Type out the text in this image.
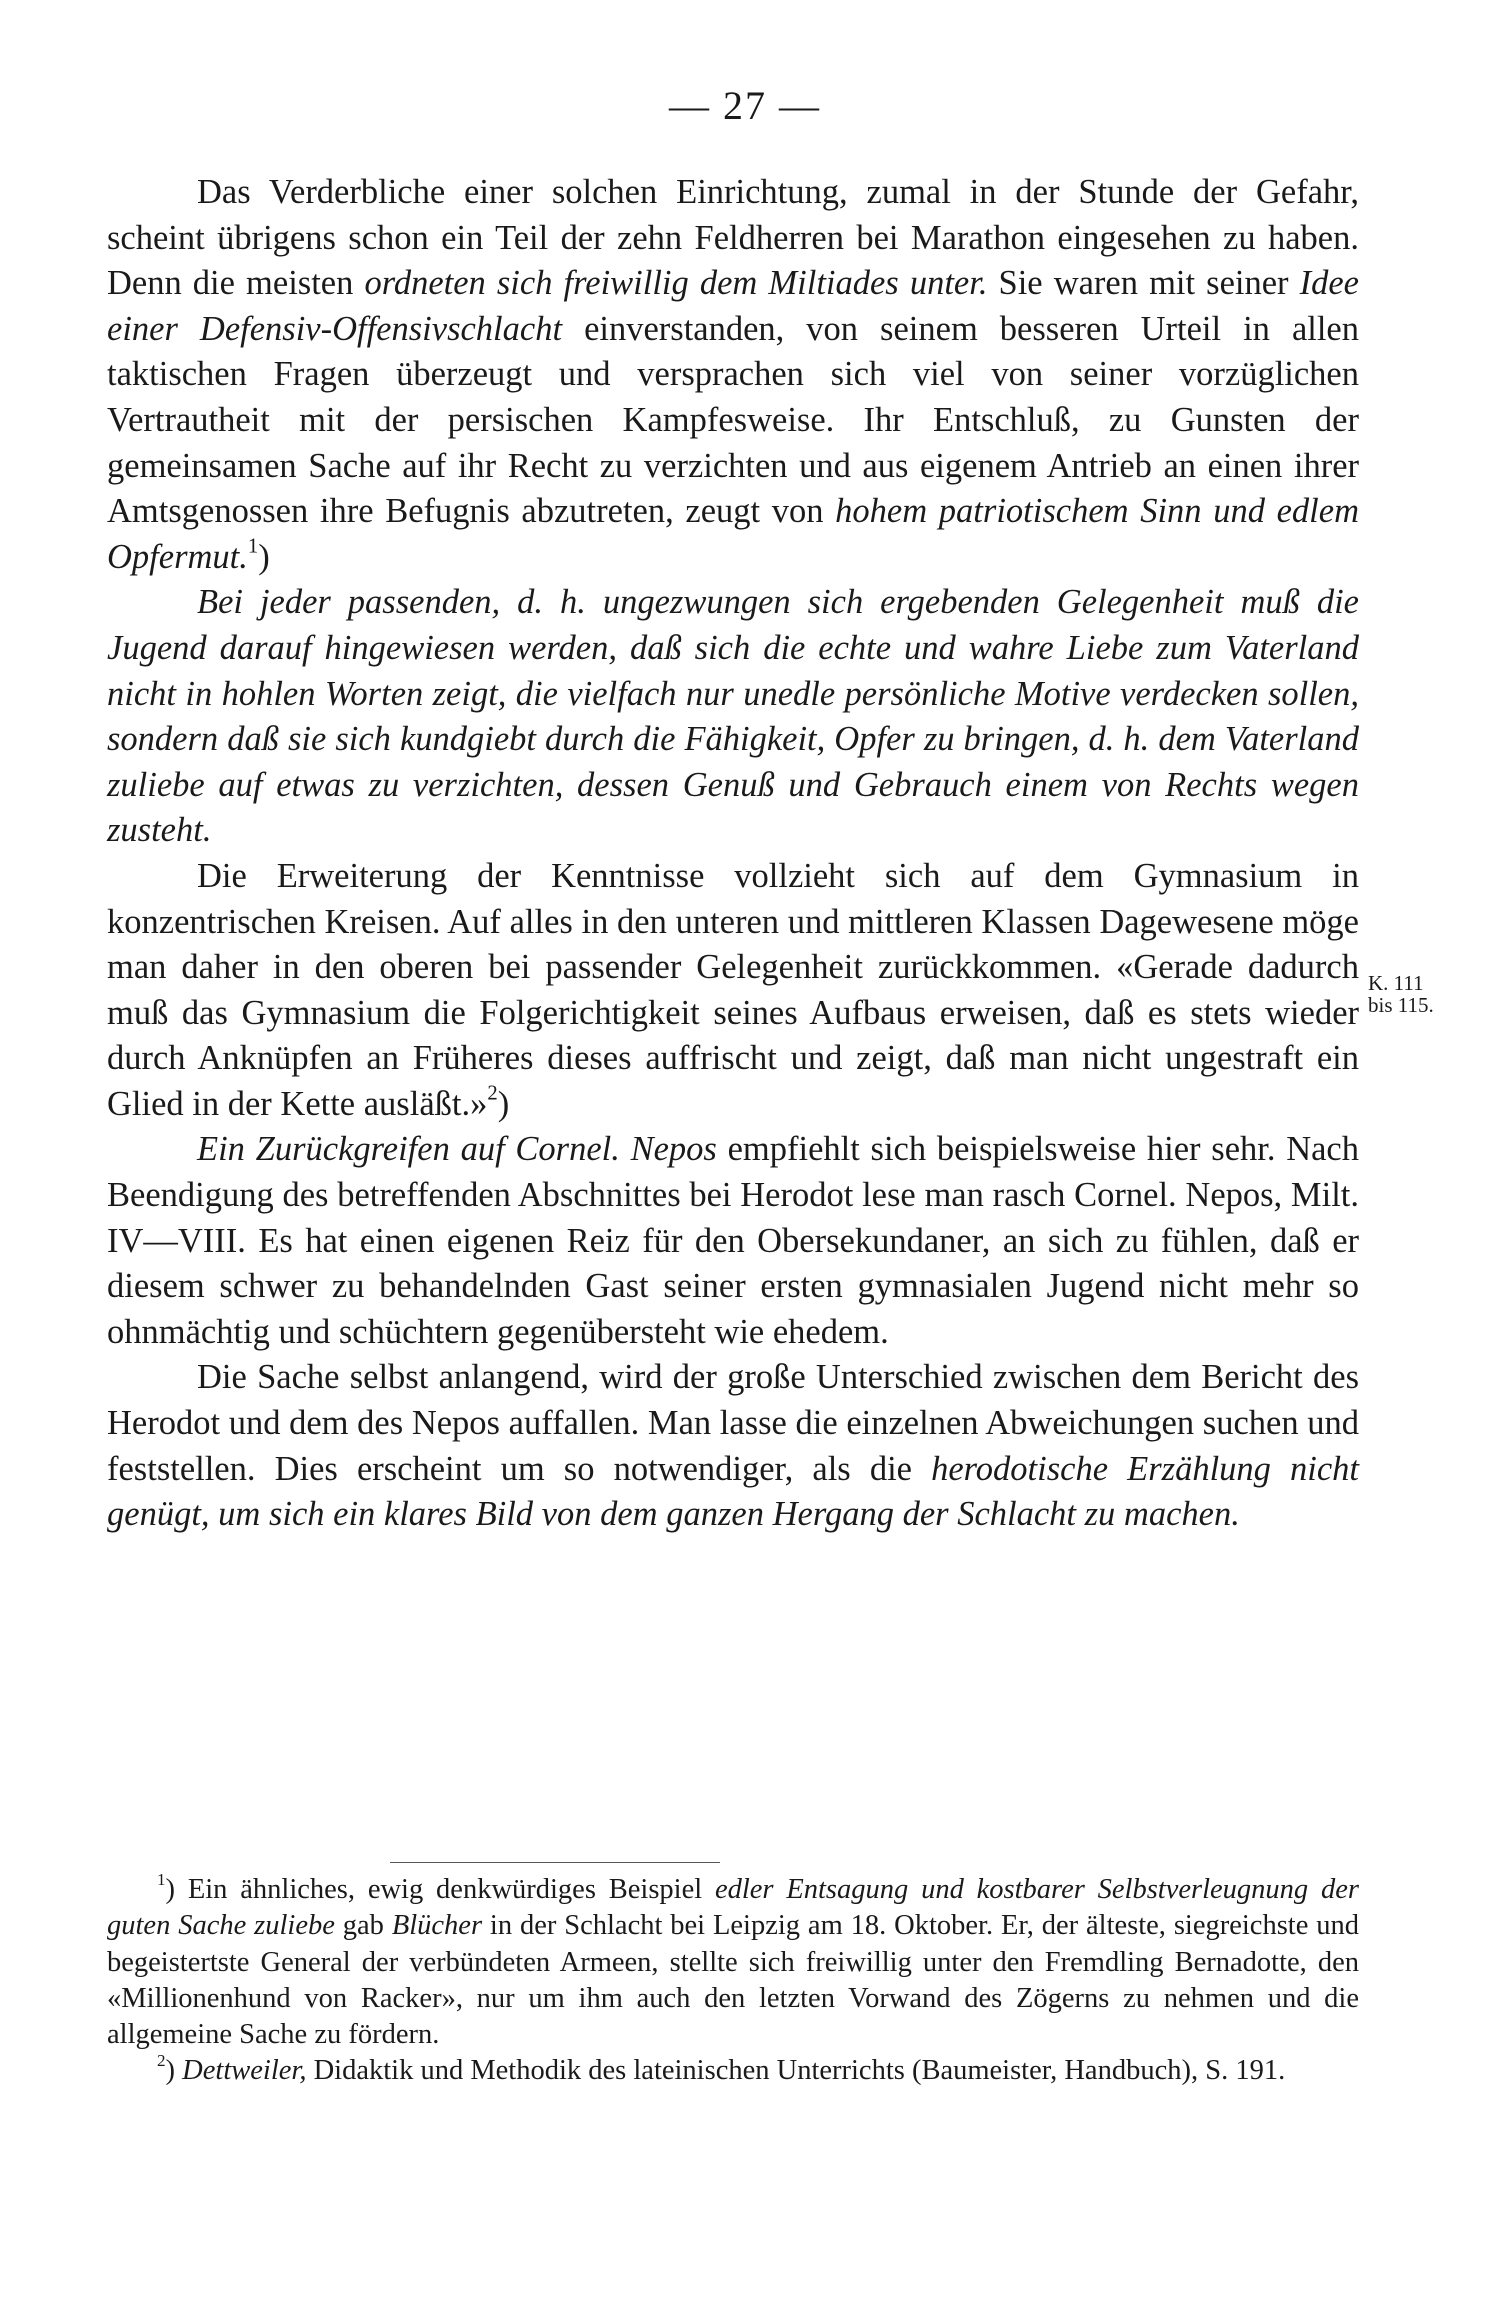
— 27 —

Das Verderbliche einer solchen Einrichtung, zumal in der Stunde der Gefahr, scheint übrigens schon ein Teil der zehn Feldherren bei Marathon eingesehen zu haben. Denn die meisten ordneten sich freiwillig dem Miltiades unter. Sie waren mit seiner Idee einer Defensiv-Offensivschlacht einverstanden, von seinem besseren Urteil in allen taktischen Fragen überzeugt und versprachen sich viel von seiner vorzüglichen Vertrautheit mit der persischen Kampfesweise. Ihr Entschluß, zu Gunsten der gemeinsamen Sache auf ihr Recht zu verzichten und aus eigenem Antrieb an einen ihrer Amtsgenossen ihre Befugnis abzutreten, zeugt von hohem patriotischem Sinn und edlem Opfermut.$^1$)

Bei jeder passenden, d. h. ungezwungen sich ergebenden Gelegenheit muß die Jugend darauf hingewiesen werden, daß sich die echte und wahre Liebe zum Vaterland nicht in hohlen Worten zeigt, die vielfach nur unedle persönliche Motive verdecken sollen, sondern daß sie sich kundgiebt durch die Fähigkeit, Opfer zu bringen, d. h. dem Vaterland zuliebe auf etwas zu verzichten, dessen Genuß und Gebrauch einem von Rechts wegen zusteht.

Die Erweiterung der Kenntnisse vollzieht sich auf dem Gymnasium in konzentrischen Kreisen. Auf alles in den unteren und mittleren Klassen Dagewesene möge man daher in den oberen bei passender Gelegenheit zurückkommen. «Gerade dadurch muß das Gymnasium die Folgerichtigkeit seines Aufbaus erweisen, daß es stets wieder durch Anknüpfen an Früheres dieses auffrischt und zeigt, daß man nicht ungestraft ein Glied in der Kette ausläßt.»$^2$)

Ein Zurückgreifen auf Cornel. Nepos empfiehlt sich beispielsweise hier sehr. Nach Beendigung des betreffenden Abschnittes bei Herodot lese man rasch Cornel. Nepos, Milt. IV—VIII. Es hat einen eigenen Reiz für den Obersekundaner, an sich zu fühlen, daß er diesem schwer zu behandelnden Gast seiner ersten gymnasialen Jugend nicht mehr so ohnmächtig und schüchtern gegenübersteht wie ehedem.

Die Sache selbst anlangend, wird der große Unterschied zwischen dem Bericht des Herodot und dem des Nepos auffallen. Man lasse die einzelnen Abweichungen suchen und feststellen. Dies erscheint um so notwendiger, als die herodotische Erzählung nicht genügt, um sich ein klares Bild von dem ganzen Hergang der Schlacht zu machen.

K. 111
bis 115.

$^1$) Ein ähnliches, ewig denkwürdiges Beispiel edler Entsagung und kostbarer Selbstverleugnung der guten Sache zuliebe gab Blücher in der Schlacht bei Leipzig am 18. Oktober. Er, der älteste, siegreichste und begeistertste General der verbündeten Armeen, stellte sich freiwillig unter den Fremdling Bernadotte, den «Millionenhund von Racker», nur um ihm auch den letzten Vorwand des Zögerns zu nehmen und die allgemeine Sache zu fördern.

$^2$) Dettweiler, Didaktik und Methodik des lateinischen Unterrichts (Baumeister, Handbuch), S. 191.
